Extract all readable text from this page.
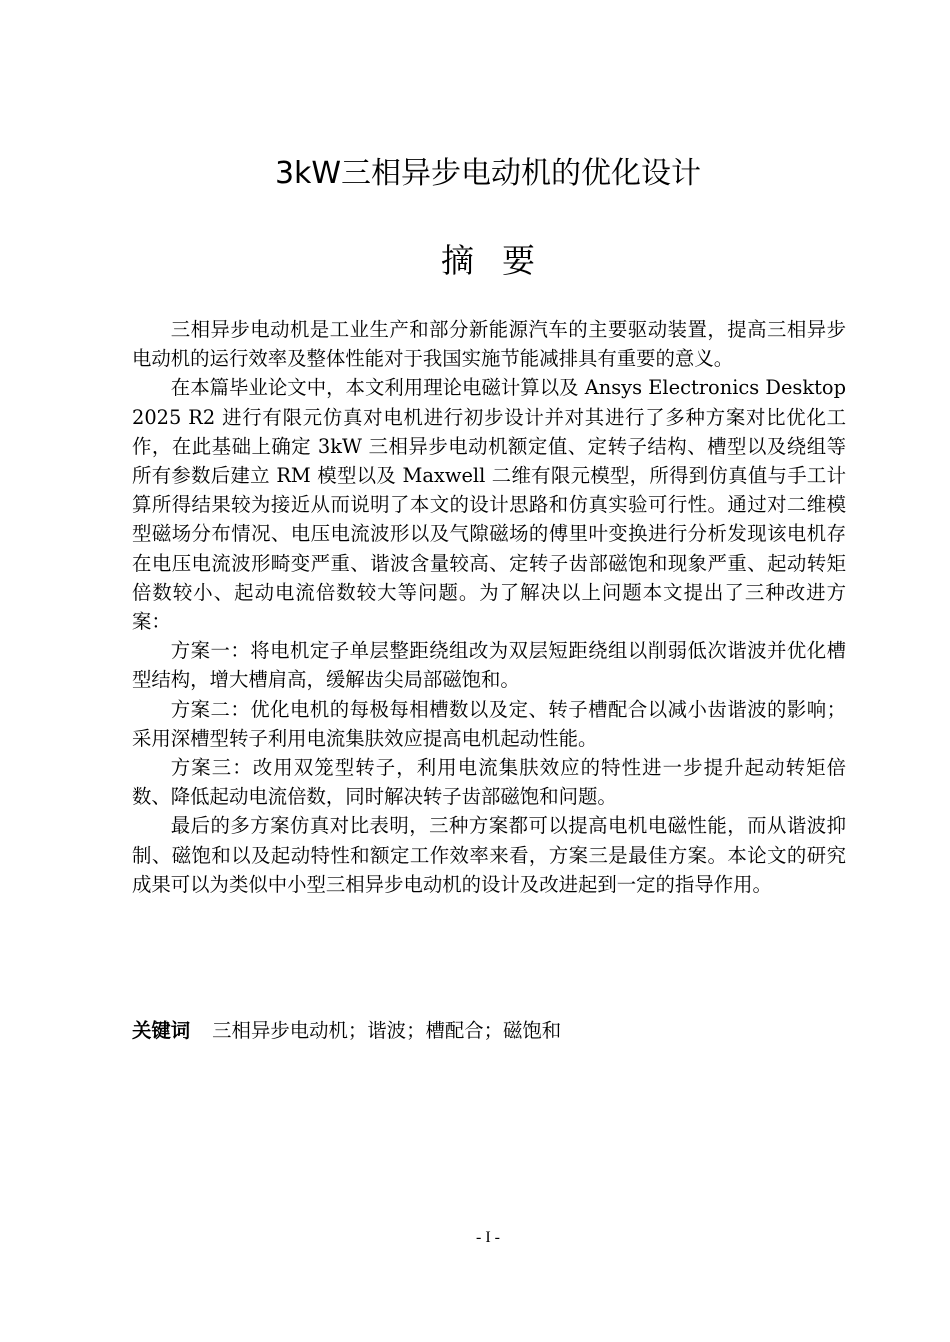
3kW三相异步电动机的优化设计
摘要

三相异步电动机是工业生产和部分新能源汽车的主要驱动装置，提高三相异步电动机的运行效率及整体性能对于我国实施节能减排具有重要的意义。

在本篇毕业论文中，本文利用理论电磁计算以及 Ansys Electronics Desktop 2025 R2 进行有限元仿真对电机进行初步设计并对其进行了多种方案对比优化工作，在此基础上确定 3kW 三相异步电动机额定值、定转子结构、槽型以及绕组等所有参数后建立 RM 模型以及 Maxwell 二维有限元模型，所得到仿真值与手工计算所得结果较为接近从而说明了本文的设计思路和仿真实验可行性。通过对二维模型磁场分布情况、电压电流波形以及气隙磁场的傅里叶变换进行分析发现该电机存在电压电流波形畸变严重、谐波含量较高、定转子齿部磁饱和现象严重、起动转矩倍数较小、起动电流倍数较大等问题。为了解决以上问题本文提出了三种改进方案：

方案一：将电机定子单层整距绕组改为双层短距绕组以削弱低次谐波并优化槽型结构，增大槽肩高，缓解齿尖局部磁饱和。

方案二：优化电机的每极每相槽数以及定、转子槽配合以减小齿谐波的影响；采用深槽型转子利用电流集肤效应提高电机起动性能。

方案三：改用双笼型转子，利用电流集肤效应的特性进一步提升起动转矩倍数、降低起动电流倍数，同时解决转子齿部磁饱和问题。

最后的多方案仿真对比表明，三种方案都可以提高电机电磁性能，而从谐波抑制、磁饱和以及起动特性和额定工作效率来看，方案三是最佳方案。本论文的研究成果可以为类似中小型三相异步电动机的设计及改进起到一定的指导作用。

关键词 三相异步电动机；谐波；槽配合；磁饱和
- I -
